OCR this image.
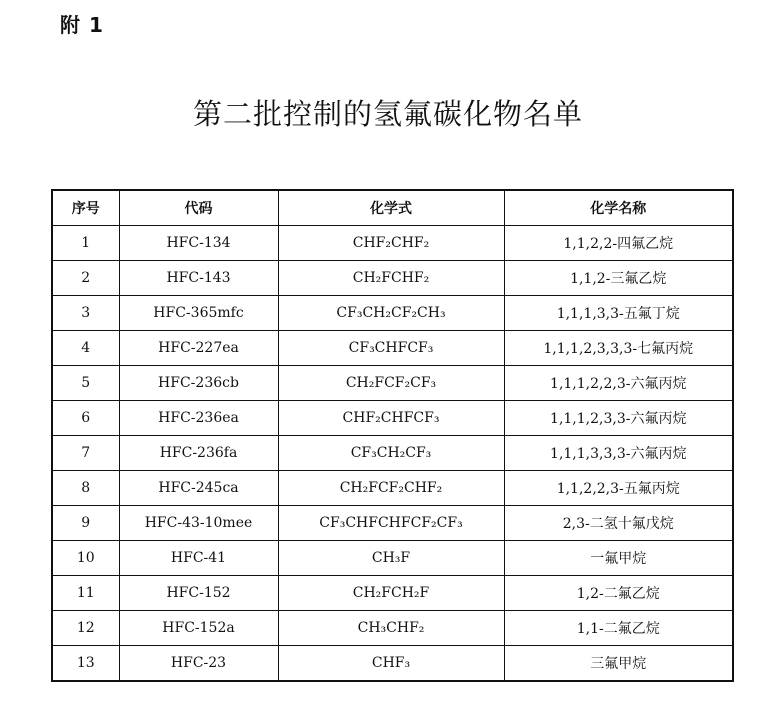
附 1
第二批控制的氢氟碳化物名单
序号	代码	化学式	化学名称
1	HFC-134	CHF₂CHF₂	1,1,2,2-四氟乙烷
2	HFC-143	CH₂FCHF₂	1,1,2-三氟乙烷
3	HFC-365mfc	CF₃CH₂CF₂CH₃	1,1,1,3,3-五氟丁烷
4	HFC-227ea	CF₃CHFCF₃	1,1,1,2,3,3,3-七氟丙烷
5	HFC-236cb	CH₂FCF₂CF₃	1,1,1,2,2,3-六氟丙烷
6	HFC-236ea	CHF₂CHFCF₃	1,1,1,2,3,3-六氟丙烷
7	HFC-236fa	CF₃CH₂CF₃	1,1,1,3,3,3-六氟丙烷
8	HFC-245ca	CH₂FCF₂CHF₂	1,1,2,2,3-五氟丙烷
9	HFC-43-10mee	CF₃CHFCHFCF₂CF₃	2,3-二氢十氟戊烷
10	HFC-41	CH₃F	一氟甲烷
11	HFC-152	CH₂FCH₂F	1,2-二氟乙烷
12	HFC-152a	CH₃CHF₂	1,1-二氟乙烷
13	HFC-23	CHF₃	三氟甲烷
